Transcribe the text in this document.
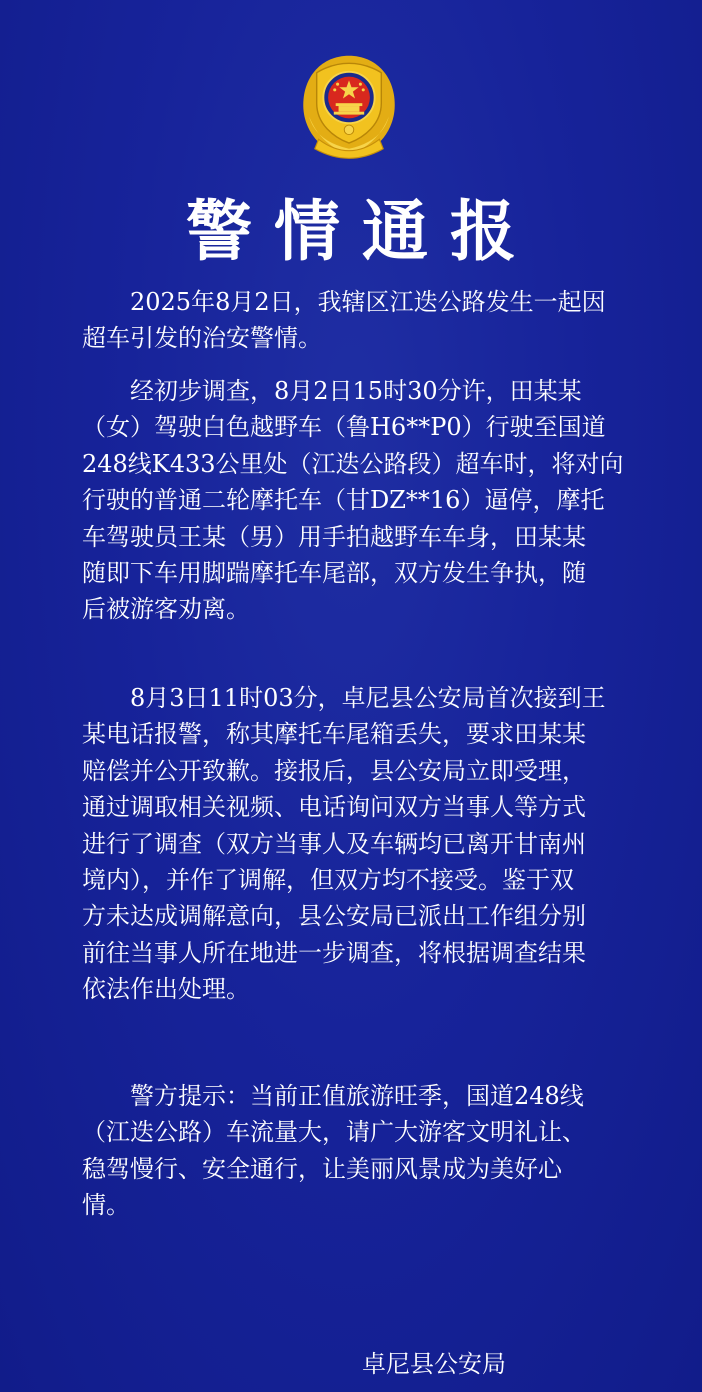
警情通报

2025年8月2日，我辖区江迭公路发生一起因
超车引发的治安警情。

经初步调查，8月2日15时30分许，田某某
（女）驾驶白色越野车（鲁H6**P0）行驶至国道
248线K433公里处（江迭公路段）超车时，将对向
行驶的普通二轮摩托车（甘DZ**16）逼停，摩托
车驾驶员王某（男）用手拍越野车车身，田某某
随即下车用脚踹摩托车尾部，双方发生争执，随
后被游客劝离。

8月3日11时03分，卓尼县公安局首次接到王
某电话报警，称其摩托车尾箱丢失，要求田某某
赔偿并公开致歉。接报后，县公安局立即受理，
通过调取相关视频、电话询问双方当事人等方式
进行了调查（双方当事人及车辆均已离开甘南州
境内），并作了调解，但双方均不接受。鉴于双
方未达成调解意向，县公安局已派出工作组分别
前往当事人所在地进一步调查，将根据调查结果
依法作出处理。

警方提示：当前正值旅游旺季，国道248线
（江迭公路）车流量大，请广大游客文明礼让、
稳驾慢行、安全通行，让美丽风景成为美好心
情。

卓尼县公安局
